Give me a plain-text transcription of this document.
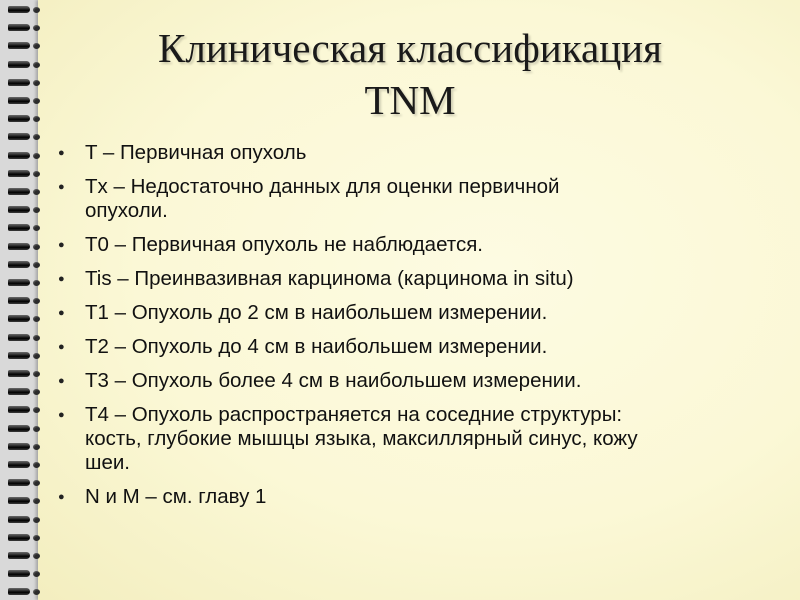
Клиническая классификация
TNM
● T – Первичная опухоль
● Tx – Недостаточно данных для оценки первичной
опухоли.
● T0 – Первичная опухоль не наблюдается.
● Tis – Преинвазивная карцинома (карцинома in situ)
● T1 – Опухоль до 2 см в наибольшем измерении.
● T2 – Опухоль до 4 см в наибольшем измерении.
● T3 – Опухоль более 4 см в наибольшем измерении.
● T4 – Опухоль распространяется на соседние структуры:
кость, глубокие мышцы языка, максиллярный синус, кожу
шеи.
● N и M – см. главу 1
